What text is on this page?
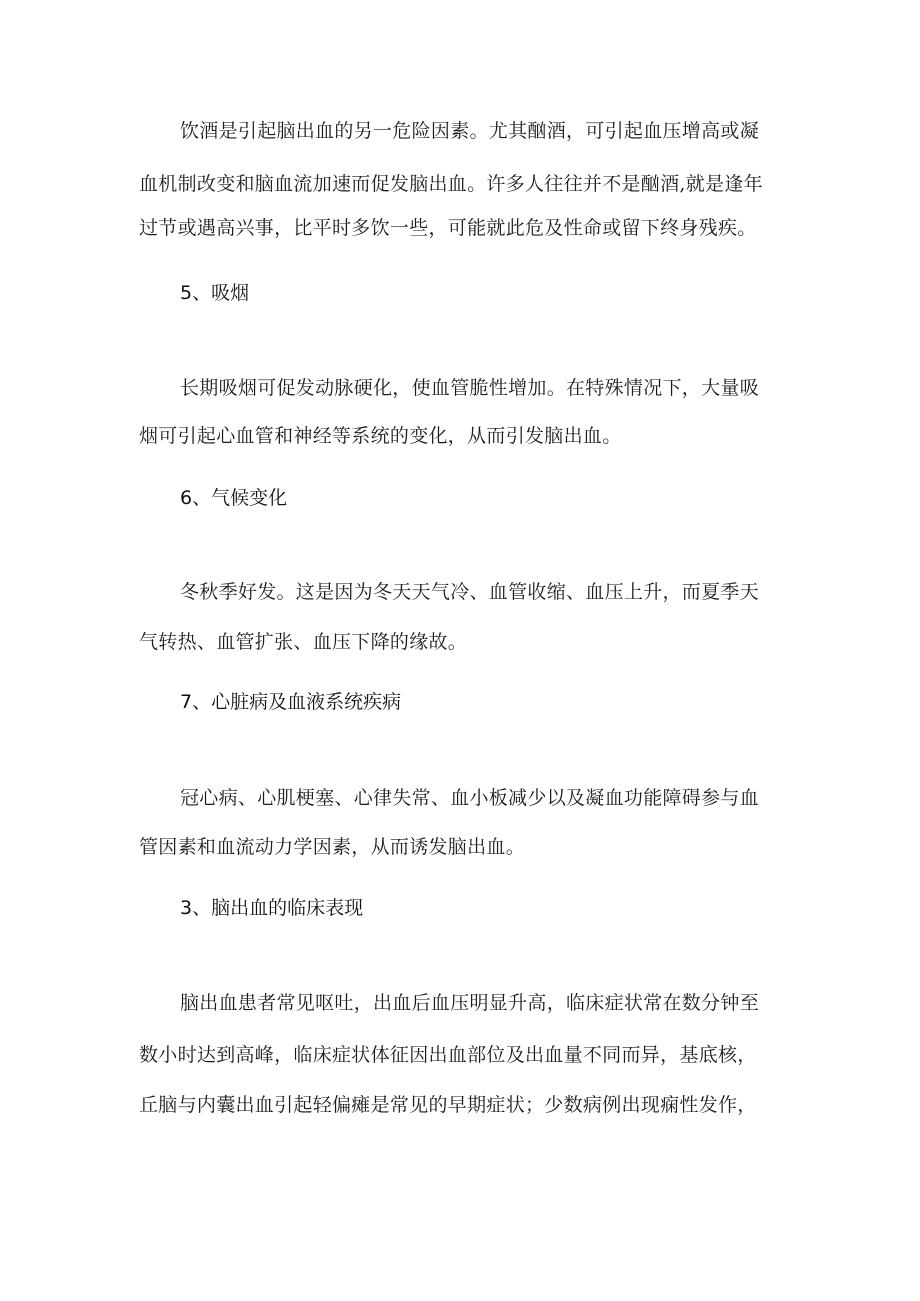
饮酒是引起脑出血的另一危险因素。尤其酗酒，可引起血压增高或凝
血机制改变和脑血流加速而促发脑出血。许多人往往并不是酗酒,就是逢年
过节或遇高兴事，比平时多饮一些，可能就此危及性命或留下终身残疾。
5、吸烟
长期吸烟可促发动脉硬化，使血管脆性增加。在特殊情况下，大量吸
烟可引起心血管和神经等系统的变化，从而引发脑出血。
6、气候变化
冬秋季好发。这是因为冬天天气冷、血管收缩、血压上升，而夏季天
气转热、血管扩张、血压下降的缘故。
7、心脏病及血液系统疾病
冠心病、心肌梗塞、心律失常、血小板减少以及凝血功能障碍参与血
管因素和血流动力学因素，从而诱发脑出血。
3、脑出血的临床表现
脑出血患者常见呕吐，出血后血压明显升高，临床症状常在数分钟至
数小时达到高峰，临床症状体征因出血部位及出血量不同而异，基底核，
丘脑与内囊出血引起轻偏瘫是常见的早期症状；少数病例出现痫性发作，
